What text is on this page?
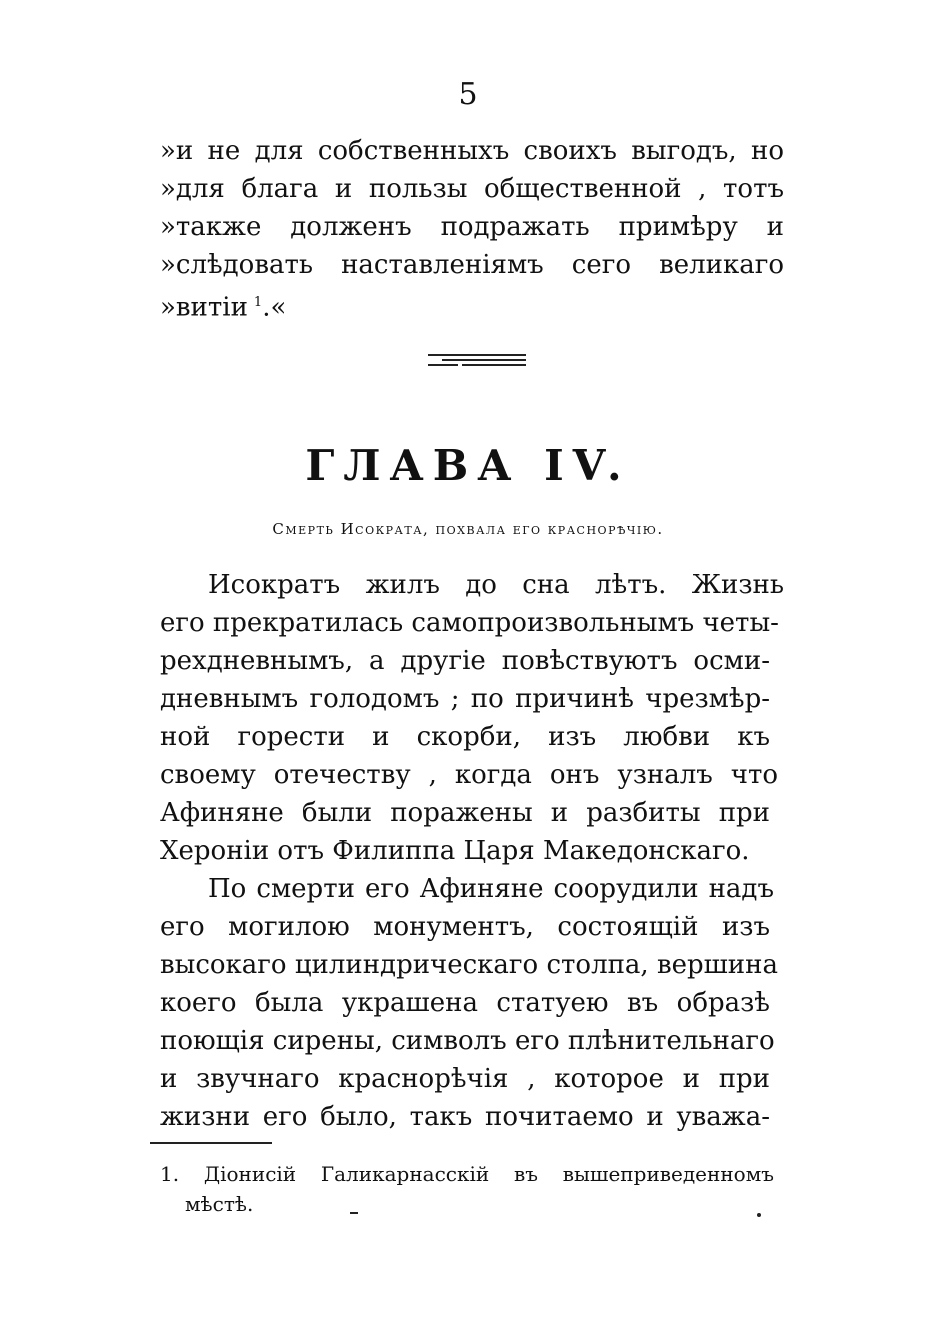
5
»и не для собственныхъ своихъ выгодъ, но
»для блага и пользы общественной , тотъ
»также долженъ подражать примѣру и
»слѣдовать наставленіямъ сего великаго
»витiи $^1$.«
ГЛАВА IV.
Смерть Исократа, похвала его краснорѣчію.
Исократъ жилъ до сна лѣтъ. Жизнь
его прекратилась самопроизвольнымъ четы-
рехдневнымъ, а другіе повѣствуютъ осми-
дневнымъ голодомъ ; по причинѣ чрезмѣр-
ной горести и скорби, изъ любви къ
своему отечеству , когда онъ узналъ что
Афиняне были поражены и разбиты при
Херонiи отъ Филиппа Царя Македонскаго.
По смерти его Афиняне соорудили надъ
его могилою монументъ, состоящій изъ
высокаго цилиндрическаго столпа, вершина
коего была украшена статуею въ образѣ
поющія сирены, символъ его плѣнительнаго
и звучнаго краснорѣчія , которое и при
жизни его было, такъ почитаемо и уважа-
1. Діонисій Галикарнасскій въ вышеприведенномъ
мѣстѣ.
